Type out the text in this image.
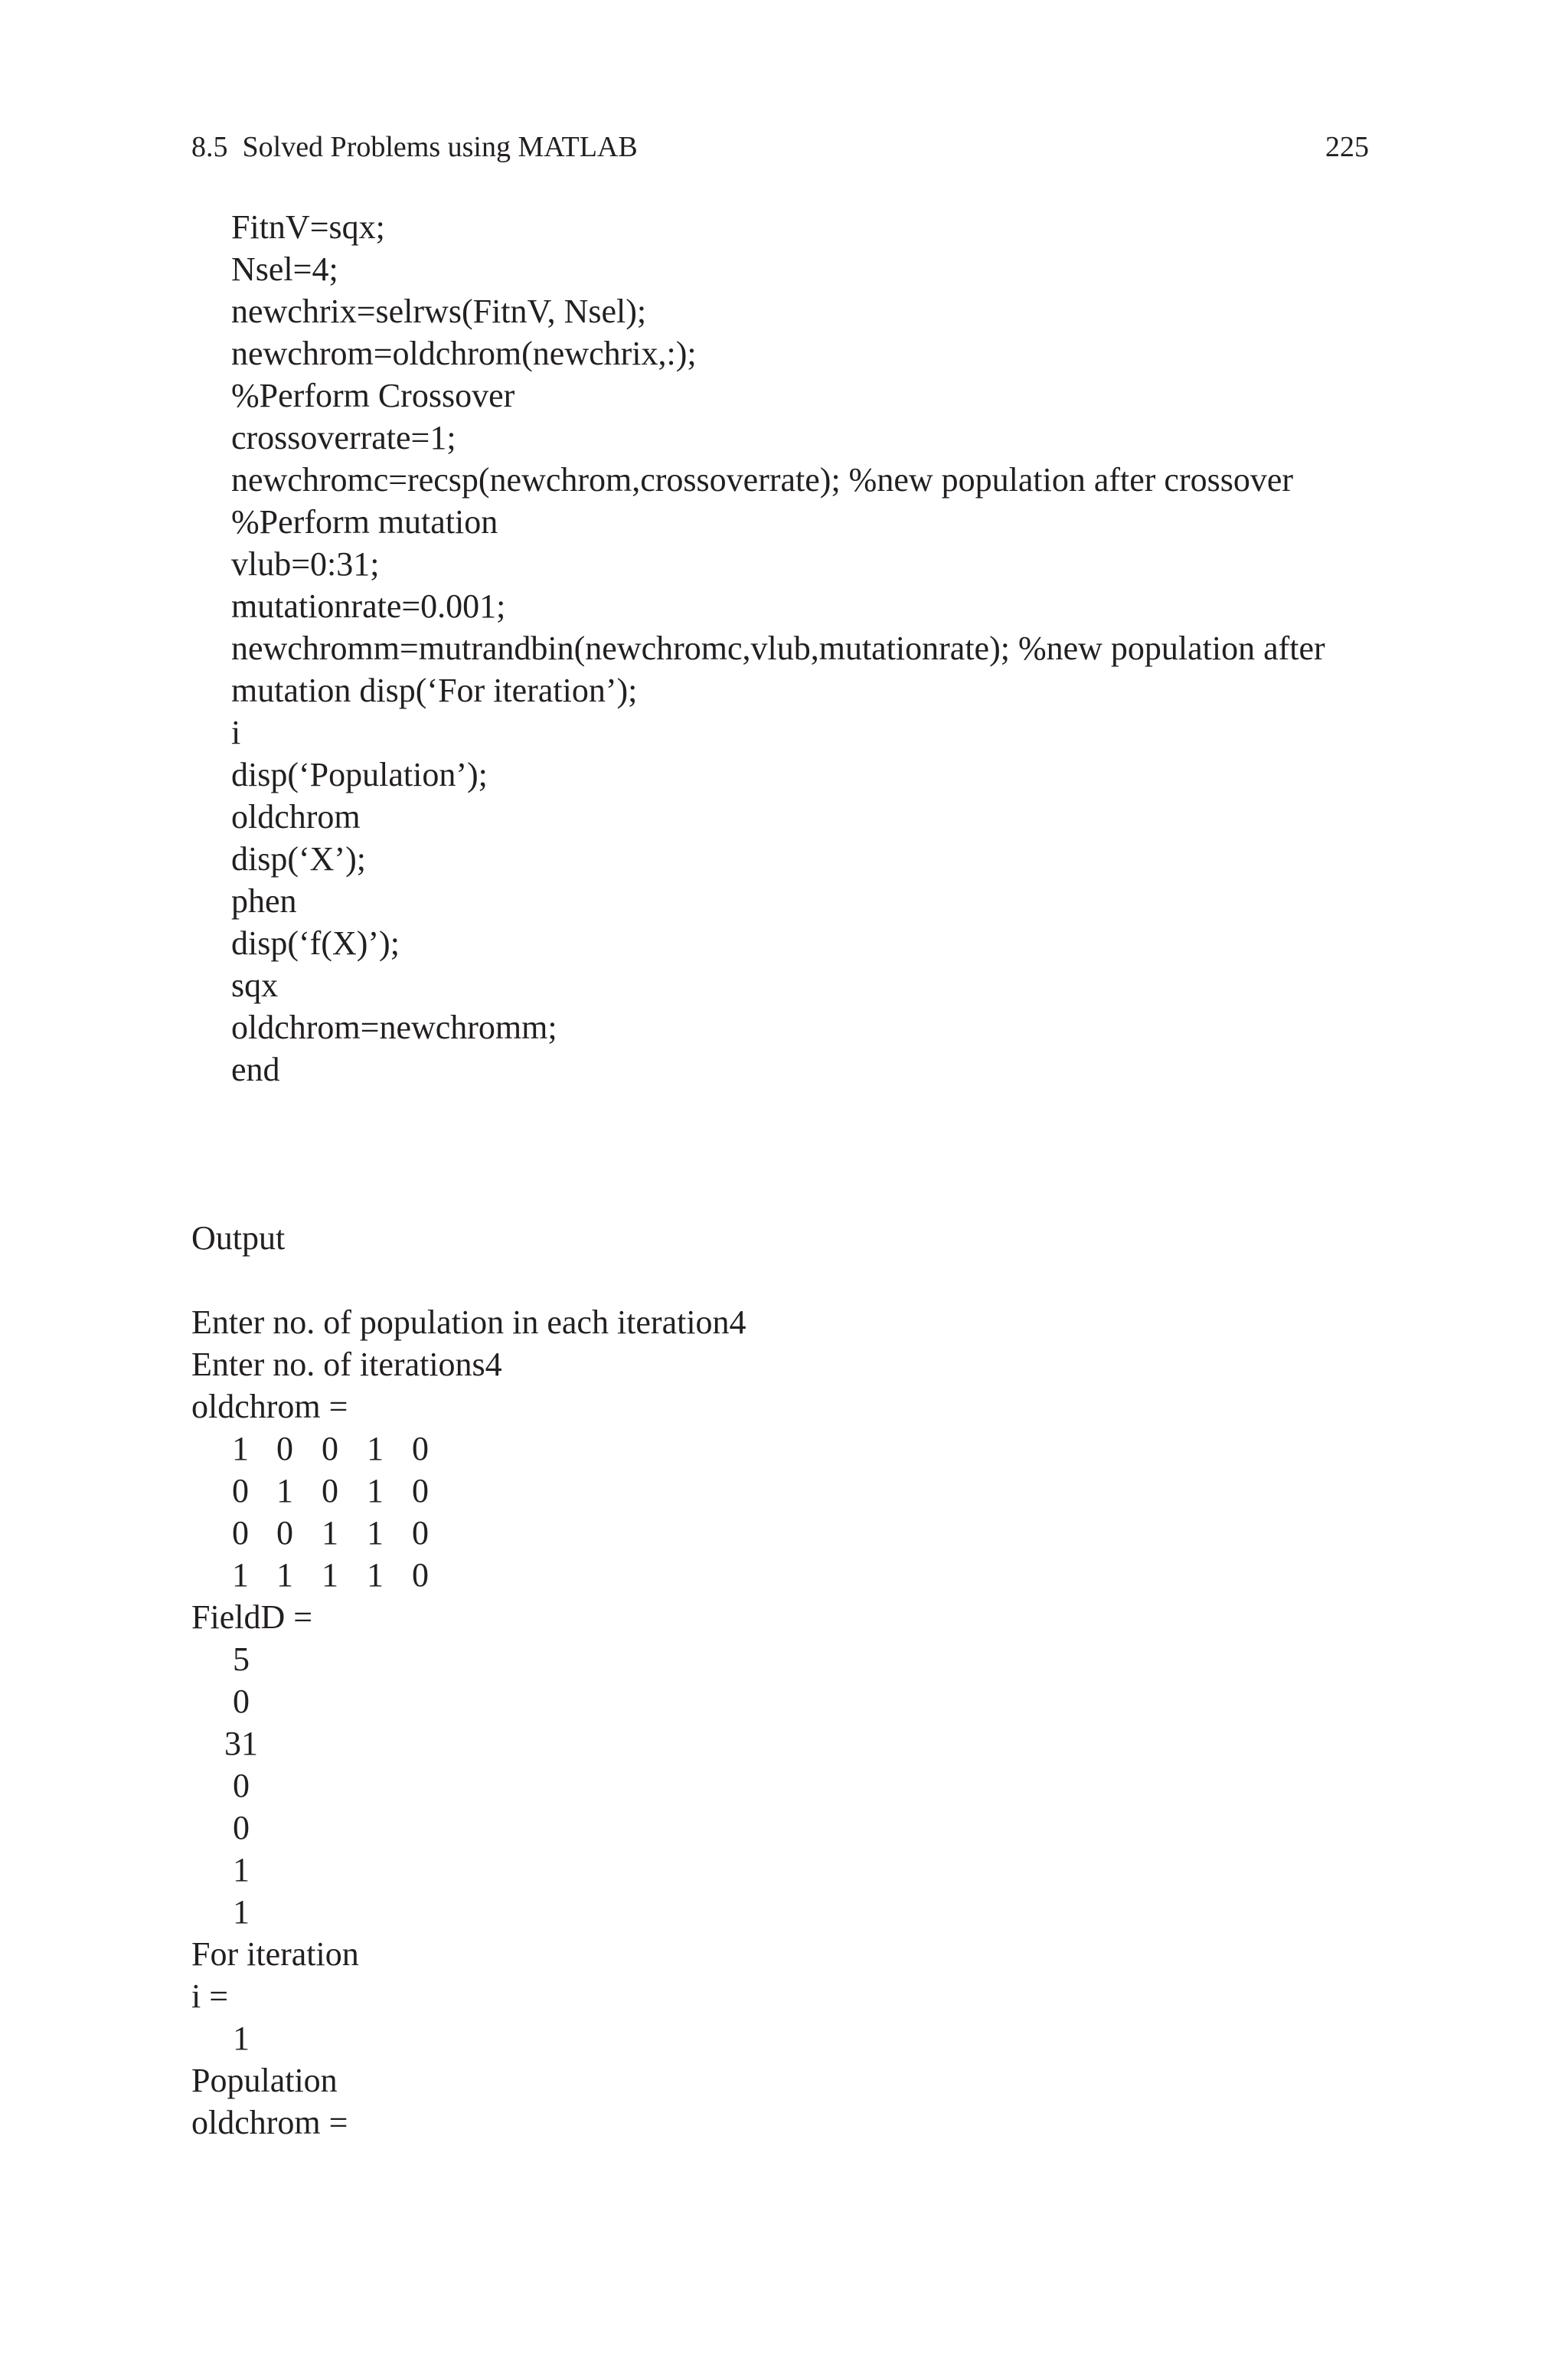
8.5  Solved Problems using MATLAB	225
FitnV=sqx;
Nsel=4;
newchrix=selrws(FitnV, Nsel);
newchrom=oldchrom(newchrix,:);
%Perform Crossover
crossoverrate=1;
newchromc=recsp(newchrom,crossoverrate); %new population after crossover
%Perform mutation
vlub=0:31;
mutationrate=0.001;
newchromm=mutrandbin(newchromc,vlub,mutationrate); %new population after
mutation disp(‘For iteration’);
i
disp(‘Population’);
oldchrom
disp(‘X’);
phen
disp(‘f(X)’);
sqx
oldchrom=newchromm;
end
Output
Enter no. of population in each iteration4
Enter no. of iterations4
oldchrom =
1 0 0 1 0
0 1 0 1 0
0 0 1 1 0
1 1 1 1 0
FieldD =
5
0
31
0
0
1
1
For iteration
i =
1
Population
oldchrom =
